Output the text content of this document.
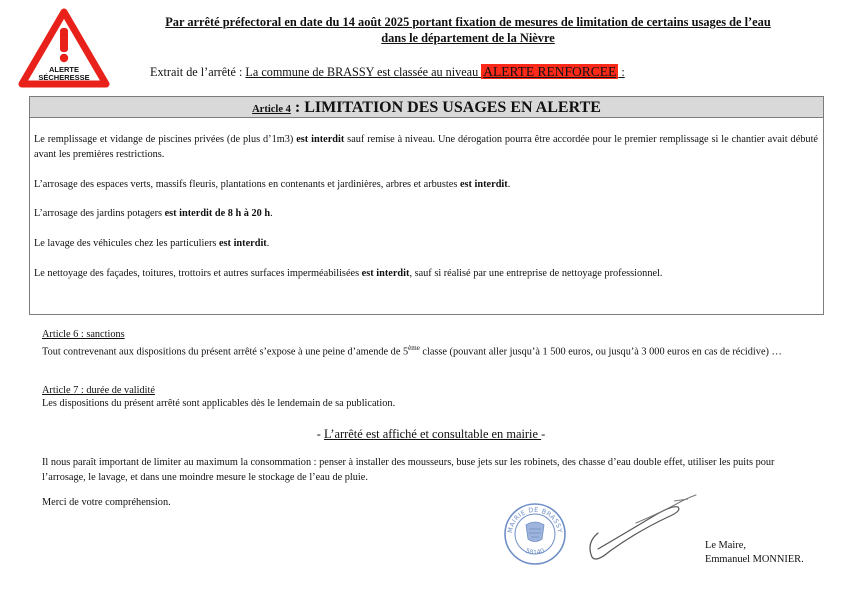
ALERTE
SÉCHERESSE
Par arrêté préfectoral en date du 14 août 2025 portant fixation de mesures de limitation de certains usages de l’eau
dans le département de la Nièvre
Extrait de l’arrêté : La commune de BRASSY est classée au niveau ALERTE RENFORCEE :
Article 4 : LIMITATION DES USAGES EN ALERTE

Le remplissage et vidange de piscines privées (de plus d’1m3) est interdit sauf remise à niveau. Une dérogation pourra être accordée pour le premier remplissage si le chantier avait débuté avant les premières restrictions.

L’arrosage des espaces verts, massifs fleuris, plantations en contenants et jardinières, arbres et arbustes est interdit.

L’arrosage des jardins potagers est interdit de 8 h à 20 h.

Le lavage des véhicules chez les particuliers est interdit.

Le nettoyage des façades, toitures, trottoirs et autres surfaces imperméabilisées est interdit, sauf si réalisé par une entreprise de nettoyage professionnel.

Article 6 : sanctions
Tout contrevenant aux dispositions du présent arrêté s’expose à une peine d’amende de 5ème classe (pouvant aller jusqu’à 1 500 euros, ou jusqu’à 3 000 euros en cas de récidive) …
Article 7 : durée de validité
Les dispositions du présent arrêté sont applicables dès le lendemain de sa publication.
- L’arrêté est affiché et consultable en mairie -
Il nous paraît important de limiter au maximum la consommation : penser à installer des mousseurs, buse jets sur les robinets, des chasse d’eau double effet, utiliser les puits pour l’arrosage, le lavage, et dans une moindre mesure le stockage de l’eau de pluie.
Merci de votre compréhension.
MAIRIE DE BRASSY
58140
Le Maire,
Emmanuel MONNIER.
